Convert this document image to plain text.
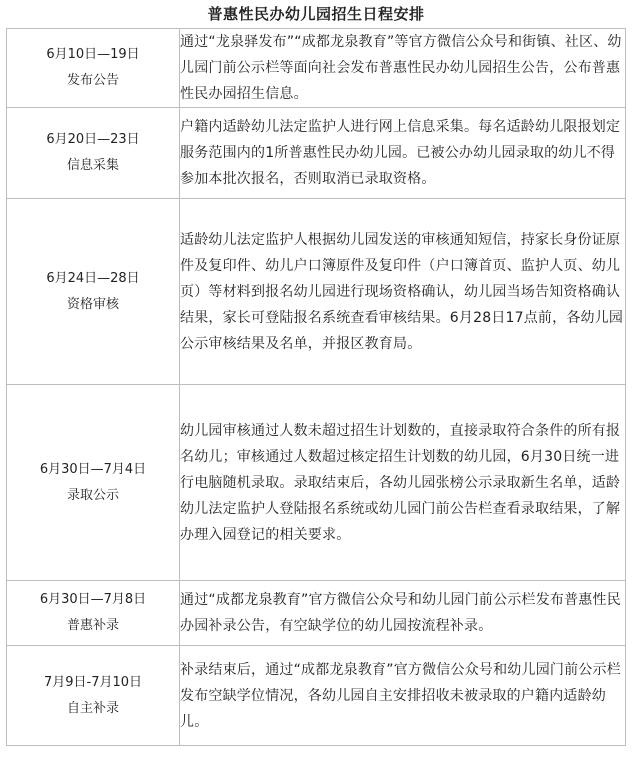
普惠性民办幼儿园招生日程安排
6月10日—19日
发布公告	通过“龙泉驿发布”“成都龙泉教育”等官方微信公众号和街镇、社区、幼儿园门前公示栏等面向社会发布普惠性民办幼儿园招生公告，公布普惠性民办园招生信息。

6月20日—23日
信息采集	户籍内适龄幼儿法定监护人进行网上信息采集。每名适龄幼儿限报划定服务范围内的1所普惠性民办幼儿园。已被公办幼儿园录取的幼儿不得参加本批次报名，否则取消已录取资格。

6月24日—28日
资格审核	适龄幼儿法定监护人根据幼儿园发送的审核通知短信，持家长身份证原件及复印件、幼儿户口簿原件及复印件（户口簿首页、监护人页、幼儿页）等材料到报名幼儿园进行现场资格确认，幼儿园当场告知资格确认结果，家长可登陆报名系统查看审核结果。6月28日17点前，各幼儿园公示审核结果及名单，并报区教育局。

6月30日—7月4日
录取公示	幼儿园审核通过人数未超过招生计划数的，直接录取符合条件的所有报名幼儿；审核通过人数超过核定招生计划数的幼儿园，6月30日统一进行电脑随机录取。录取结束后，各幼儿园张榜公示录取新生名单，适龄幼儿法定监护人登陆报名系统或幼儿园门前公告栏查看录取结果，了解办理入园登记的相关要求。

6月30日—7月8日
普惠补录	通过“成都龙泉教育”官方微信公众号和幼儿园门前公示栏发布普惠性民办园补录公告，有空缺学位的幼儿园按流程补录。

7月9日-7月10日
自主补录	补录结束后，通过“成都龙泉教育”官方微信公众号和幼儿园门前公示栏发布空缺学位情况，各幼儿园自主安排招收未被录取的户籍内适龄幼儿。
